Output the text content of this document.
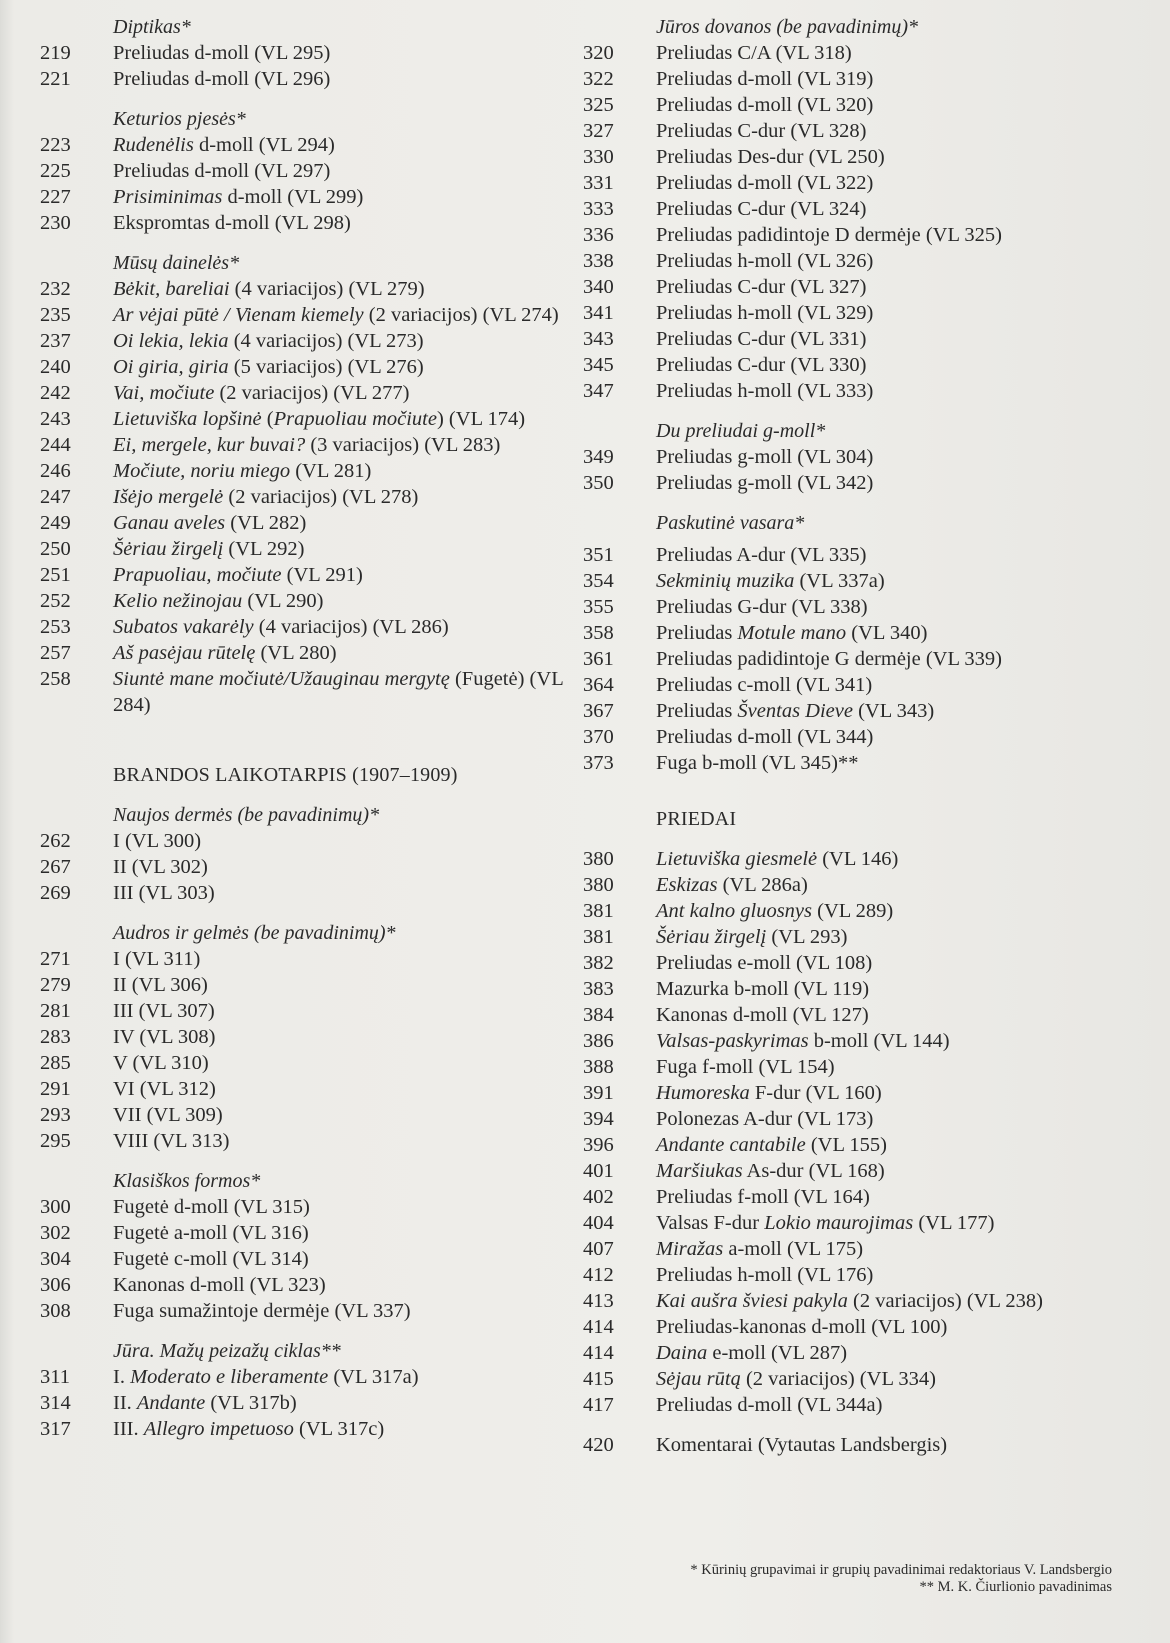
Diptikas*
219	Preliudas d-moll (VL 295)
221	Preliudas d-moll (VL 296)
Keturios pjesės*
223	Rudenėlis d-moll (VL 294)
225	Preliudas d-moll (VL 297)
227	Prisiminimas d-moll (VL 299)
230	Ekspromtas d-moll (VL 298)
Mūsų dainelės*
232	Bėkit, bareliai (4 variacijos) (VL 279)
235	Ar vėjai pūtė / Vienam kiemely (2 variacijos) (VL 274)
237	Oi lekia, lekia (4 variacijos) (VL 273)
240	Oi giria, giria (5 variacijos) (VL 276)
242	Vai, močiute (2 variacijos) (VL 277)
243	Lietuviška lopšinė (Prapuoliau močiute) (VL 174)
244	Ei, mergele, kur buvai? (3 variacijos) (VL 283)
246	Močiute, noriu miego (VL 281)
247	Išėjo mergelė (2 variacijos) (VL 278)
249	Ganau aveles (VL 282)
250	Šėriau žirgelį (VL 292)
251	Prapuoliau, močiute (VL 291)
252	Kelio nežinojau (VL 290)
253	Subatos vakarėly (4 variacijos) (VL 286)
257	Aš pasėjau rūtelę (VL 280)
258	Siuntė mane močiutė/Užauginau mergytę (Fugetė) (VL 284)
BRANDOS LAIKOTARPIS (1907–1909)
Naujos dermės (be pavadinimų)*
262	I (VL 300)
267	II (VL 302)
269	III (VL 303)
Audros ir gelmės (be pavadinimų)*
271	I (VL 311)
279	II (VL 306)
281	III (VL 307)
283	IV (VL 308)
285	V (VL 310)
291	VI (VL 312)
293	VII (VL 309)
295	VIII (VL 313)
Klasiškos formos*
300	Fugetė d-moll (VL 315)
302	Fugetė a-moll (VL 316)
304	Fugetė c-moll (VL 314)
306	Kanonas d-moll (VL 323)
308	Fuga sumažintoje dermėje (VL 337)
Jūra. Mažų peizažų ciklas**
311	I. Moderato e liberamente (VL 317a)
314	II. Andante (VL 317b)
317	III. Allegro impetuoso (VL 317c)
Jūros dovanos (be pavadinimų)*
320	Preliudas C/A (VL 318)
322	Preliudas d-moll (VL 319)
325	Preliudas d-moll (VL 320)
327	Preliudas C-dur (VL 328)
330	Preliudas Des-dur (VL 250)
331	Preliudas d-moll (VL 322)
333	Preliudas C-dur (VL 324)
336	Preliudas padidintoje D dermėje (VL 325)
338	Preliudas h-moll (VL 326)
340	Preliudas C-dur (VL 327)
341	Preliudas h-moll (VL 329)
343	Preliudas C-dur (VL 331)
345	Preliudas C-dur (VL 330)
347	Preliudas h-moll (VL 333)
Du preliudai g-moll*
349	Preliudas g-moll (VL 304)
350	Preliudas g-moll (VL 342)
Paskutinė vasara*
351	Preliudas A-dur (VL 335)
354	Sekminių muzika (VL 337a)
355	Preliudas G-dur (VL 338)
358	Preliudas Motule mano (VL 340)
361	Preliudas padidintoje G dermėje (VL 339)
364	Preliudas c-moll (VL 341)
367	Preliudas Šventas Dieve (VL 343)
370	Preliudas d-moll (VL 344)
373	Fuga b-moll (VL 345)**
PRIEDAI
380	Lietuviška giesmelė (VL 146)
380	Eskizas (VL 286a)
381	Ant kalno gluosnys (VL 289)
381	Šėriau žirgelį (VL 293)
382	Preliudas e-moll (VL 108)
383	Mazurka b-moll (VL 119)
384	Kanonas d-moll (VL 127)
386	Valsas-paskyrimas b-moll (VL 144)
388	Fuga f-moll (VL 154)
391	Humoreska F-dur (VL 160)
394	Polonezas A-dur (VL 173)
396	Andante cantabile (VL 155)
401	Maršiukas As-dur (VL 168)
402	Preliudas f-moll (VL 164)
404	Valsas F-dur Lokio maurojimas (VL 177)
407	Miražas a-moll (VL 175)
412	Preliudas h-moll (VL 176)
413	Kai aušra šviesi pakyla (2 variacijos) (VL 238)
414	Preliudas-kanonas d-moll (VL 100)
414	Daina e-moll (VL 287)
415	Sėjau rūtą (2 variacijos) (VL 334)
417	Preliudas d-moll (VL 344a)
420	Komentarai (Vytautas Landsbergis)
* Kūrinių grupavimai ir grupių pavadinimai redaktoriaus V. Landsbergio
** M. K. Čiurlionio pavadinimas
